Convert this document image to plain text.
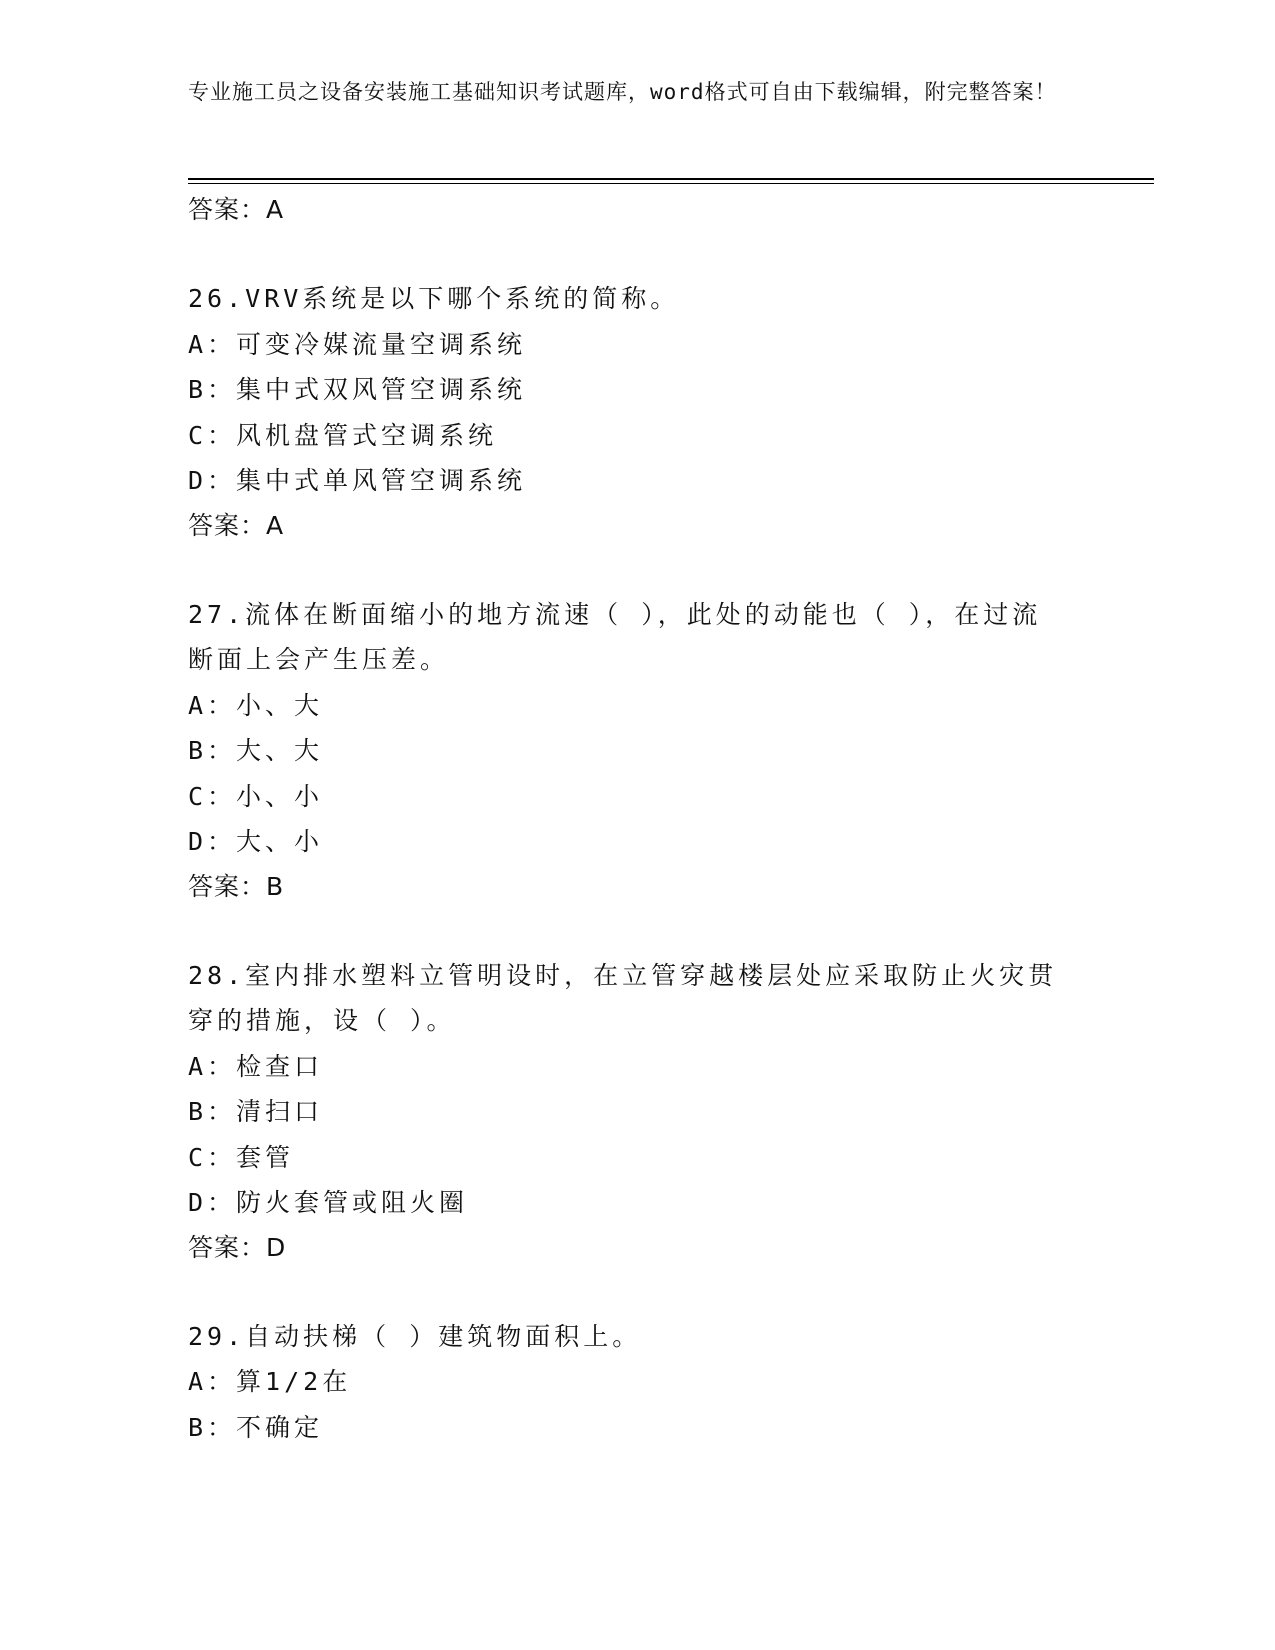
专业施工员之设备安装施工基础知识考试题库，word格式可自由下载编辑，附完整答案！
答案：A
26.VRV系统是以下哪个系统的简称。
A：可变冷媒流量空调系统
B：集中式双风管空调系统
C：风机盘管式空调系统
D：集中式单风管空调系统
答案：A
27.流体在断面缩小的地方流速（ ），此处的动能也（ ），在过流断面上会产生压差。
A：小、大
B：大、大
C：小、小
D：大、小
答案：B
28.室内排水塑料立管明设时，在立管穿越楼层处应采取防止火灾贯穿的措施，设（ ）。
A：检查口
B：清扫口
C：套管
D：防火套管或阻火圈
答案：D
29.自动扶梯（ ）建筑物面积上。
A：算1/2在
B：不确定
